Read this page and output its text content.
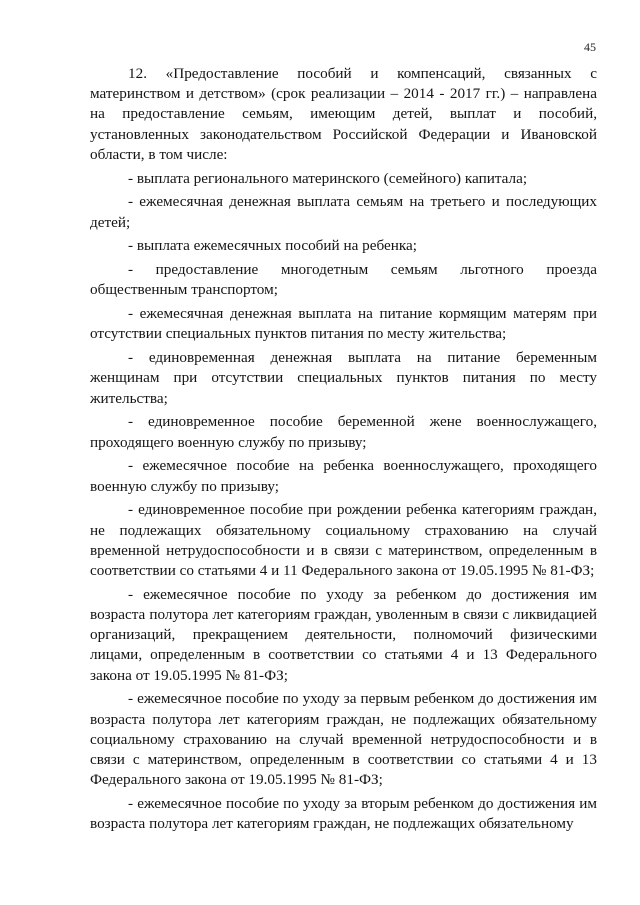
45

12. «Предоставление пособий и компенсаций, связанных с материнством и детством» (срок реализации – 2014 - 2017 гг.) – направлена на предоставление семьям, имеющим детей, выплат и пособий, установленных законодательством Российской Федерации и Ивановской области, в том числе:

- выплата регионального материнского (семейного) капитала;

- ежемесячная денежная выплата семьям на третьего и последующих детей;

- выплата ежемесячных пособий на ребенка;

- предоставление многодетным семьям льготного проезда общественным транспортом;

- ежемесячная денежная выплата на питание кормящим матерям при отсутствии специальных пунктов питания по месту жительства;

- единовременная денежная выплата на питание беременным женщинам при отсутствии специальных пунктов питания по месту жительства;

- единовременное пособие беременной жене военнослужащего, проходящего военную службу по призыву;

- ежемесячное пособие на ребенка военнослужащего, проходящего военную службу по призыву;

- единовременное пособие при рождении ребенка категориям граждан, не подлежащих обязательному социальному страхованию на случай временной нетрудоспособности и в связи с материнством, определенным в соответствии со статьями 4 и 11 Федерального закона от 19.05.1995 № 81-ФЗ;

- ежемесячное пособие по уходу за ребенком до достижения им возраста полутора лет категориям граждан, уволенным в связи с ликвидацией организаций, прекращением деятельности, полномочий физическими лицами, определенным в соответствии со статьями 4 и 13 Федерального закона от 19.05.1995 № 81-ФЗ;

- ежемесячное пособие по уходу за первым ребенком до достижения им возраста полутора лет категориям граждан, не подлежащих обязательному социальному страхованию на случай временной нетрудоспособности и в связи с материнством, определенным в соответствии со статьями 4 и 13 Федерального закона от 19.05.1995 № 81-ФЗ;

- ежемесячное пособие по уходу за вторым ребенком до достижения им возраста полутора лет категориям граждан, не подлежащих обязательному
